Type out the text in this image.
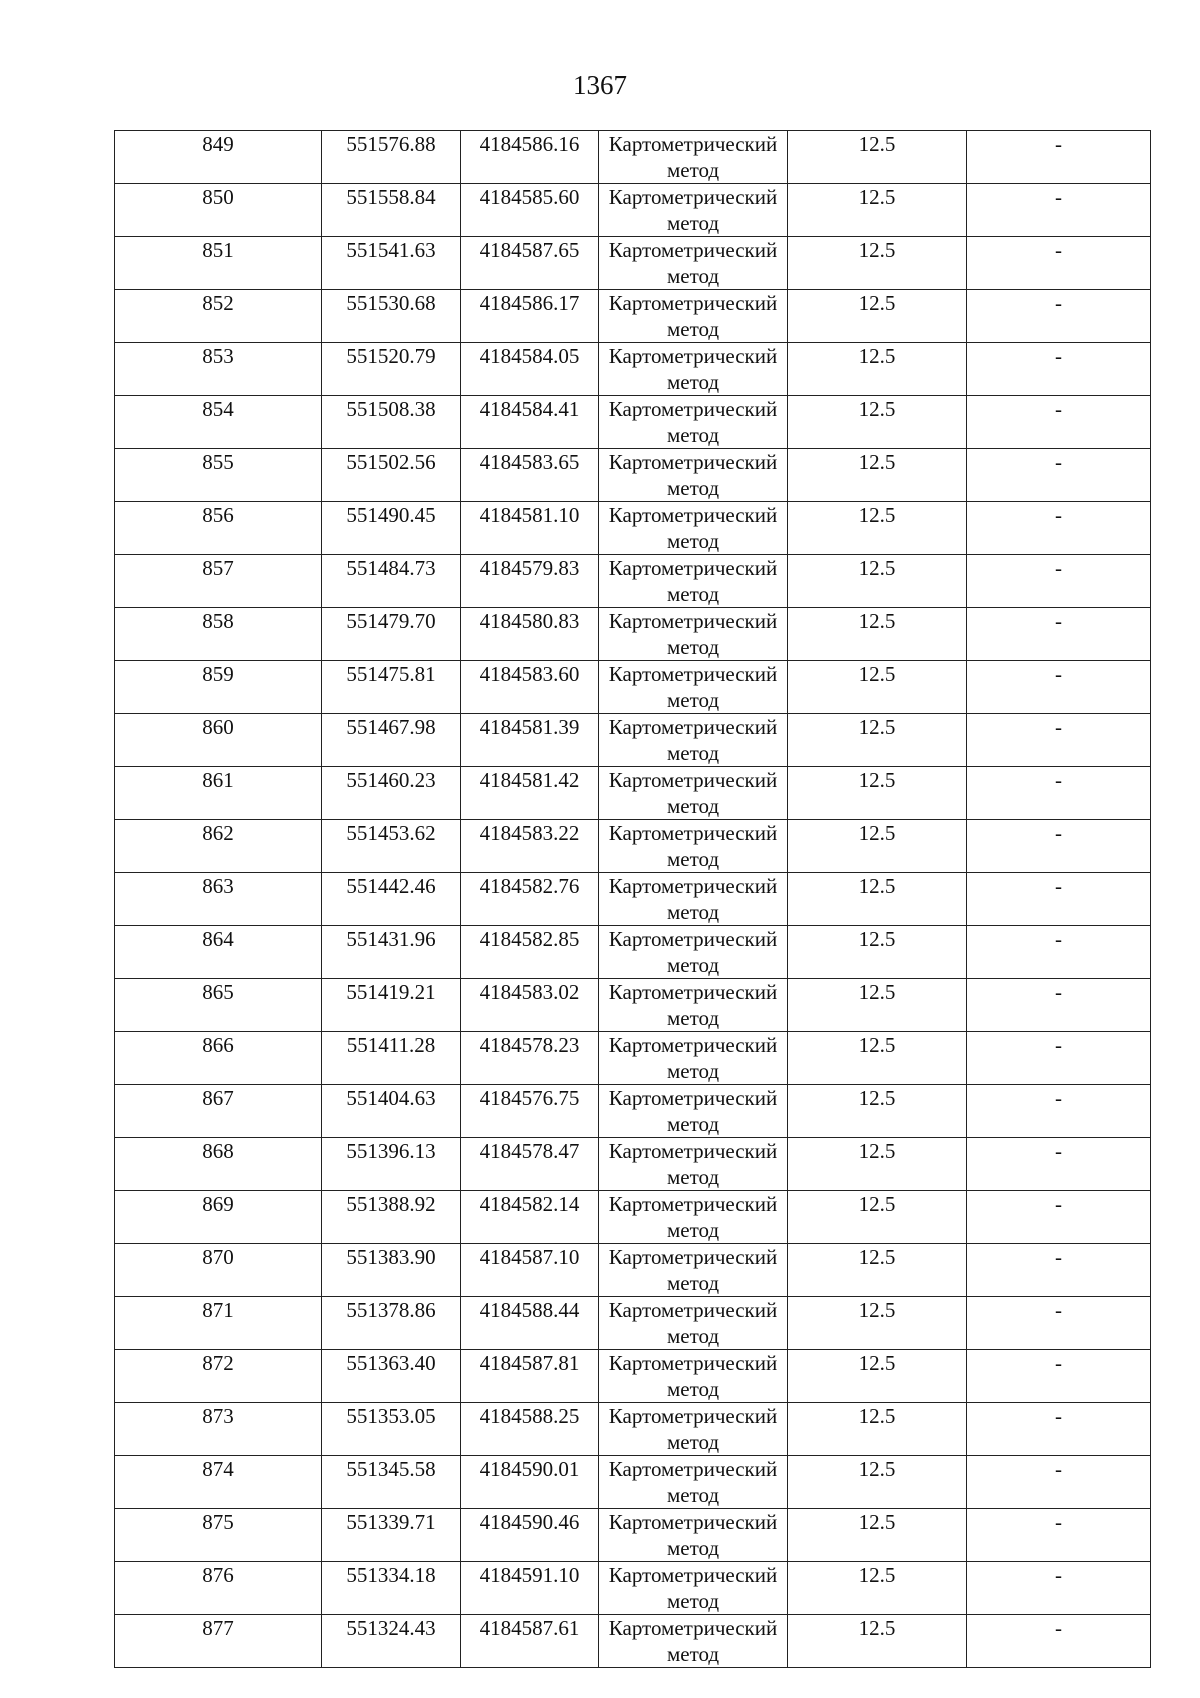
1367
849	551576.88	4184586.16	Картометрический
метод	12.5	-

850	551558.84	4184585.60	Картометрический
метод	12.5	-

851	551541.63	4184587.65	Картометрический
метод	12.5	-

852	551530.68	4184586.17	Картометрический
метод	12.5	-

853	551520.79	4184584.05	Картометрический
метод	12.5	-

854	551508.38	4184584.41	Картометрический
метод	12.5	-

855	551502.56	4184583.65	Картометрический
метод	12.5	-

856	551490.45	4184581.10	Картометрический
метод	12.5	-

857	551484.73	4184579.83	Картометрический
метод	12.5	-

858	551479.70	4184580.83	Картометрический
метод	12.5	-

859	551475.81	4184583.60	Картометрический
метод	12.5	-

860	551467.98	4184581.39	Картометрический
метод	12.5	-

861	551460.23	4184581.42	Картометрический
метод	12.5	-

862	551453.62	4184583.22	Картометрический
метод	12.5	-

863	551442.46	4184582.76	Картометрический
метод	12.5	-

864	551431.96	4184582.85	Картометрический
метод	12.5	-

865	551419.21	4184583.02	Картометрический
метод	12.5	-

866	551411.28	4184578.23	Картометрический
метод	12.5	-

867	551404.63	4184576.75	Картометрический
метод	12.5	-

868	551396.13	4184578.47	Картометрический
метод	12.5	-

869	551388.92	4184582.14	Картометрический
метод	12.5	-

870	551383.90	4184587.10	Картометрический
метод	12.5	-

871	551378.86	4184588.44	Картометрический
метод	12.5	-

872	551363.40	4184587.81	Картометрический
метод	12.5	-

873	551353.05	4184588.25	Картометрический
метод	12.5	-

874	551345.58	4184590.01	Картометрический
метод	12.5	-

875	551339.71	4184590.46	Картометрический
метод	12.5	-

876	551334.18	4184591.10	Картометрический
метод	12.5	-

877	551324.43	4184587.61	Картометрический
метод	12.5	-
